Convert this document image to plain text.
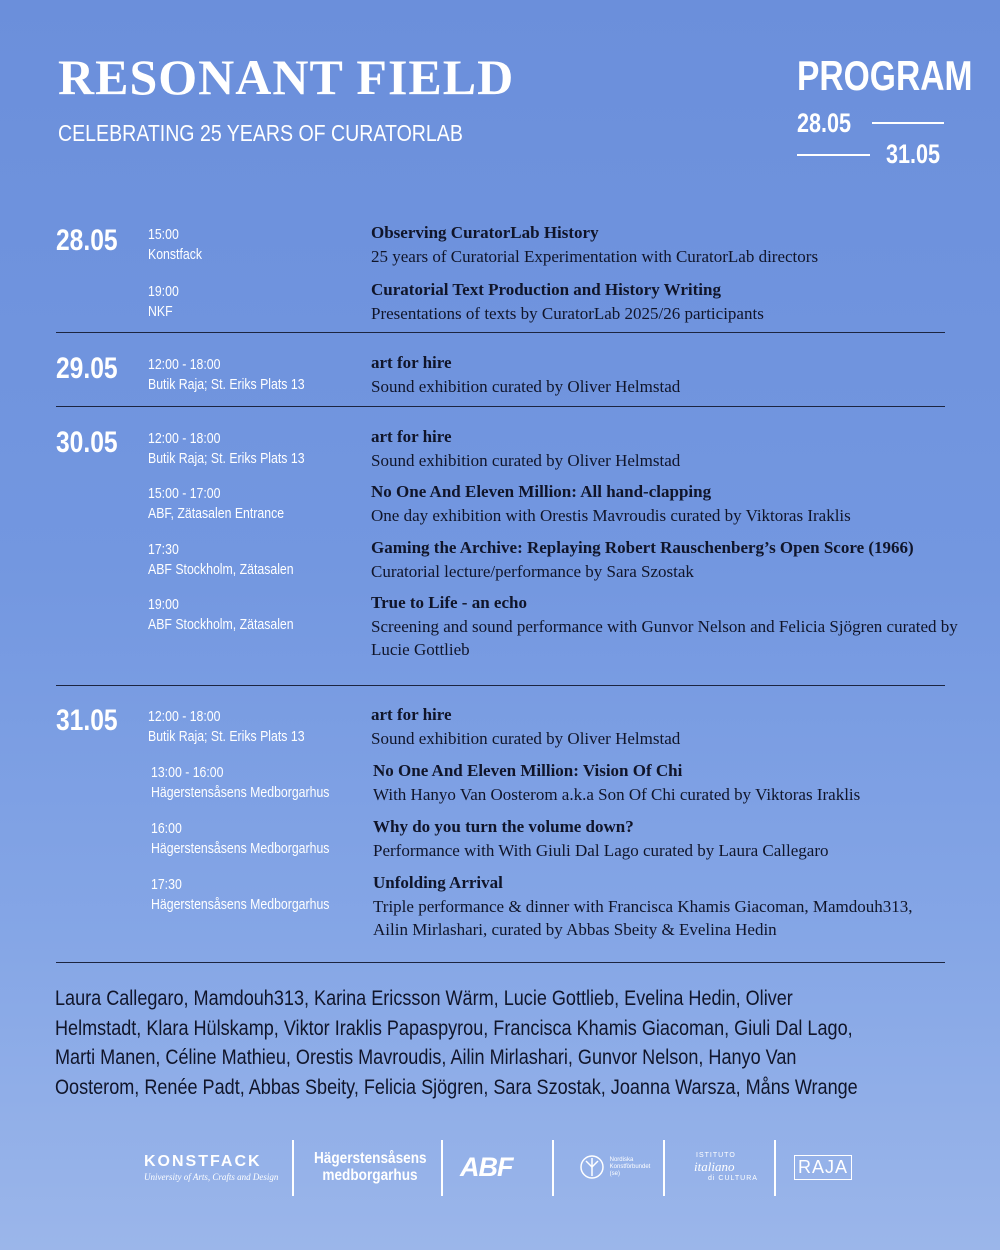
RESONANT FIELD
CELEBRATING 25 YEARS OF CURATORLAB
PROGRAM
28.05
31.05
28.05 15:00
Konstfack
Observing CuratorLab History
25 years of Curatorial Experimentation with CuratorLab directors
19:00
NKF
Curatorial Text Production and History Writing
Presentations of texts by CuratorLab 2025/26 participants
29.05 12:00 - 18:00
Butik Raja; St. Eriks Plats 13
art for hire
Sound exhibition curated by Oliver Helmstad
30.05 12:00 - 18:00
Butik Raja; St. Eriks Plats 13
art for hire
Sound exhibition curated by Oliver Helmstad
15:00 - 17:00
ABF, Zätasalen Entrance
No One And Eleven Million: All hand-clapping
One day exhibition with Orestis Mavroudis curated by Viktoras Iraklis
17:30
ABF Stockholm, Zätasalen
Gaming the Archive: Replaying Robert Rauschenberg’s Open Score (1966)
Curatorial lecture/performance by Sara Szostak
19:00
ABF Stockholm, Zätasalen
True to Life - an echo
Screening and sound performance with Gunvor Nelson and Felicia Sjögren curated by Lucie Gottlieb
31.05 12:00 - 18:00
Butik Raja; St. Eriks Plats 13
art for hire
Sound exhibition curated by Oliver Helmstad
13:00 - 16:00
Hägerstensåsens Medborgarhus
No One And Eleven Million: Vision Of Chi
With Hanyo Van Oosterom a.k.a Son Of Chi curated by Viktoras Iraklis
16:00
Hägerstensåsens Medborgarhus
Why do you turn the volume down?
Performance with With Giuli Dal Lago curated by Laura Callegaro
17:30
Hägerstensåsens Medborgarhus
Unfolding Arrival
Triple performance & dinner with Francisca Khamis Giacoman, Mamdouh313, Ailin Mirlashari, curated by Abbas Sbeity & Evelina Hedin
Laura Callegaro, Mamdouh313, Karina Ericsson Wärm, Lucie Gottlieb, Evelina Hedin, Oliver Helmstadt, Klara Hülskamp, Viktor Iraklis Papaspyrou, Francisca Khamis Giacoman, Giuli Dal Lago, Marti Manen, Céline Mathieu, Orestis Mavroudis, Ailin Mirlashari, Gunvor Nelson, Hanyo Van Oosterom, Renée Padt, Abbas Sbeity, Felicia Sjögren, Sara Szostak, Joanna Warsza, Måns Wrange
KONSTFACK
University of Arts, Crafts and Design
Hägerstensåsens
medborgarhus ABF	Nordiska
Konstförbundet
(se)
ISTITUTO
italiano
di CULTURA
RAJA
